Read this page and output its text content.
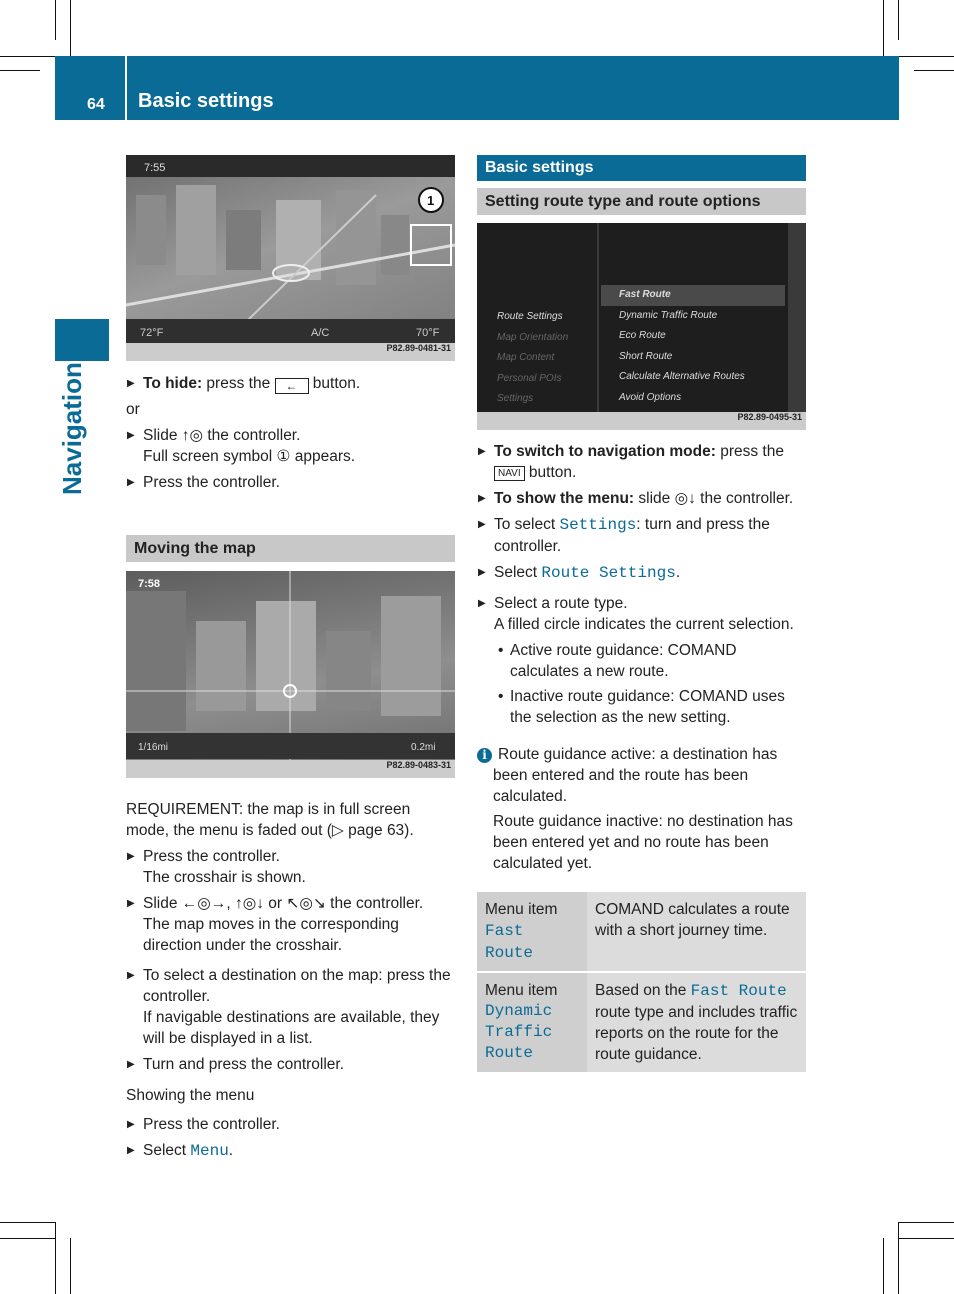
64 Basic settings
Navigation
7:55
1
72°F	A/C	70°F
P82.89-0481-31

▶ To hide: press the ← button.

or

▶ Slide ↑◎ the controller.
Full screen symbol ① appears.

▶ Press the controller.

Moving the map
7:58
1/16mi	0.2mi
P82.89-0483-31

REQUIREMENT: the map is in full screen mode, the menu is faded out (▷ page 63).

▶ Press the controller.
The crosshair is shown.

▶ Slide ←◎→, ↑◎↓ or ↖◎↘ the controller.
The map moves in the corresponding direction under the crosshair.

▶ To select a destination on the map: press the controller.
If navigable destinations are available, they will be displayed in a list.

▶ Turn and press the controller.

Showing the menu

▶ Press the controller.

▶ Select Menu.

Basic settings
Setting route type and route options
Route Settings
Map Orientation
Map Content
Personal POIs
Settings
Fast Route
Dynamic Traffic Route
Eco Route
Short Route
Calculate Alternative Routes
Avoid Options
P82.89-0495-31

▶ To switch to navigation mode: press the NAVI button.

▶ To show the menu: slide ◎↓ the controller.

▶ To select Settings: turn and press the controller.

▶ Select Route Settings.

▶ Select a route type.
A filled circle indicates the current selection.

• Active route guidance: COMAND calculates a new route.

• Inactive route guidance: COMAND uses the selection as the new setting.

i Route guidance active: a destination has been entered and the route has been calculated.

Route guidance inactive: no destination has been entered yet and no route has been calculated yet.

Menu item
Fast Route	COMAND calculates a route with a short journey time.

Menu item
Dynamic Traffic Route	Based on the Fast Route route type and includes traffic reports on the route for the route guidance.
